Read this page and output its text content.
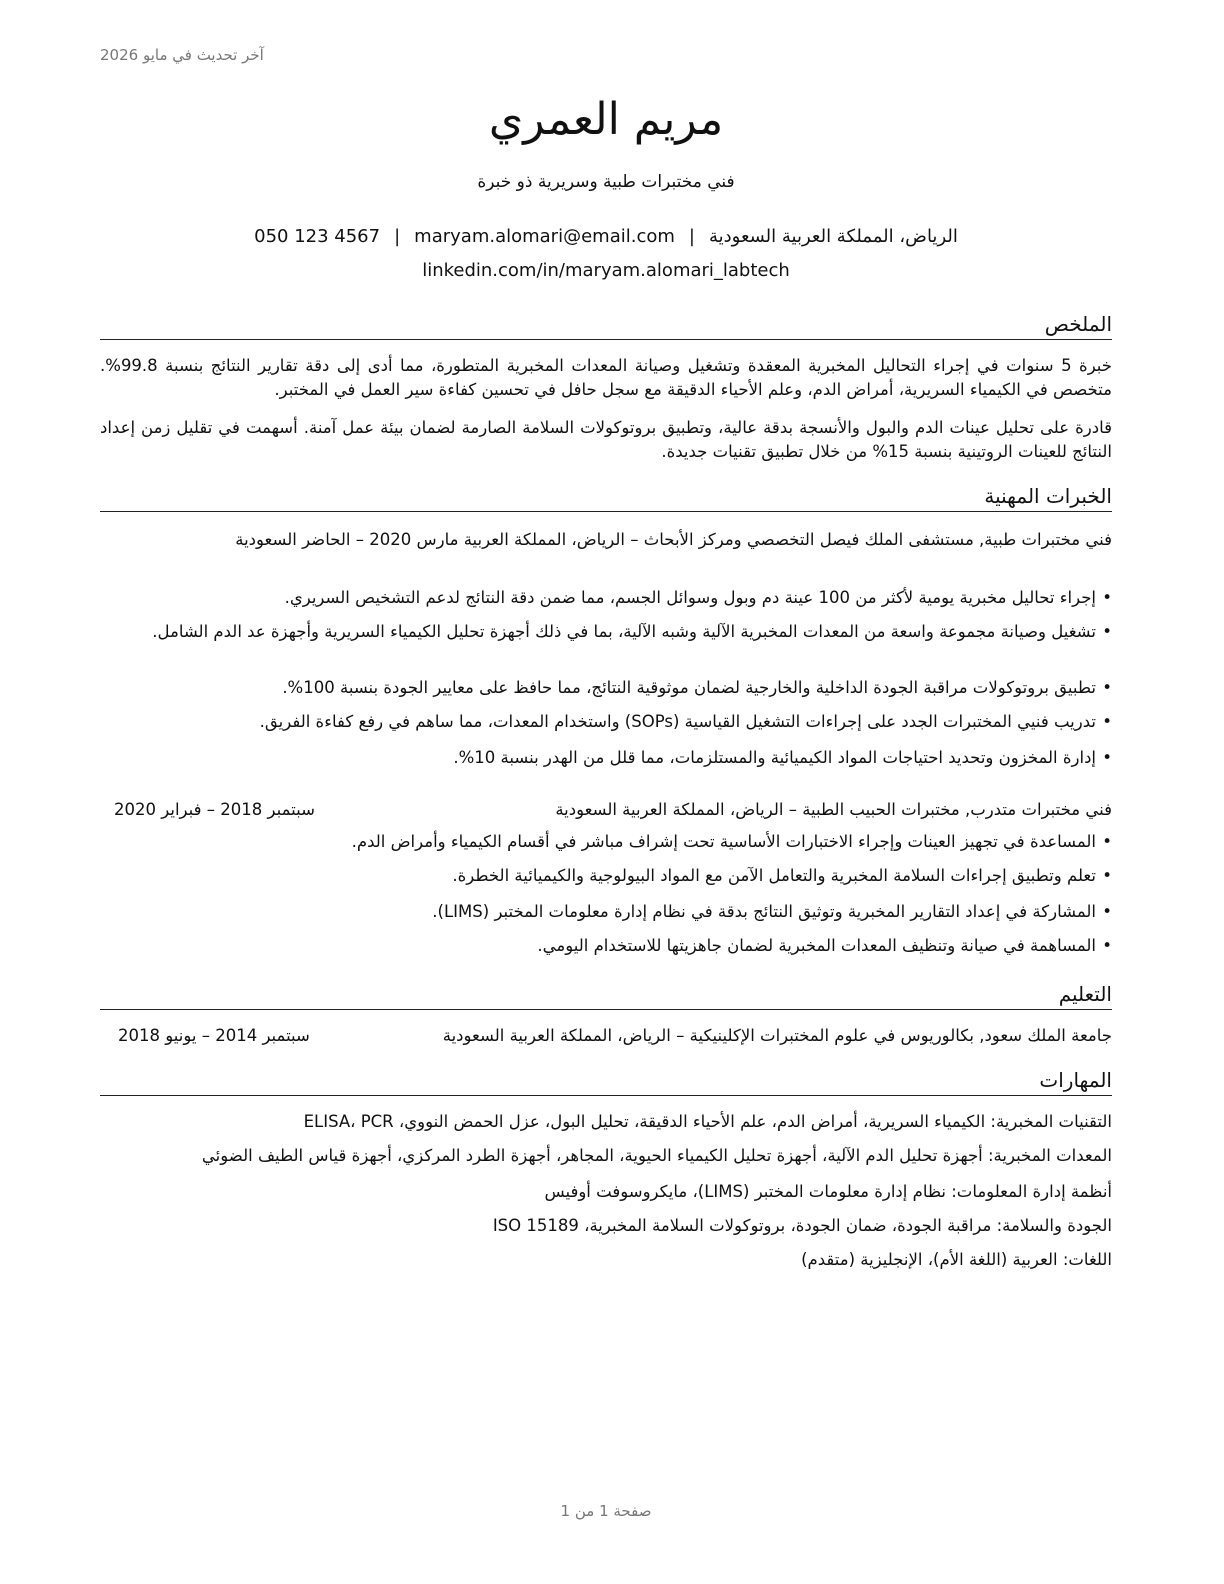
آخر تحديث في مايو 2026
مريم العمري
فني مختبرات طبية وسريرية ذو خبرة
الرياض، المملكة العربية السعودية|maryam.alomari@email.com|050 123 4567
linkedin.com/in/maryam.alomari_labtech
الملخص
خبرة 5 سنوات في إجراء التحاليل المخبرية المعقدة وتشغيل وصيانة المعدات المخبرية المتطورة، مما أدى إلى دقة تقارير النتائج بنسبة 99.8%. متخصص في الكيمياء السريرية، أمراض الدم، وعلم الأحياء الدقيقة مع سجل حافل في تحسين كفاءة سير العمل في المختبر.
قادرة على تحليل عينات الدم والبول والأنسجة بدقة عالية، وتطبيق بروتوكولات السلامة الصارمة لضمان بيئة عمل آمنة. أسهمت في تقليل زمن إعداد النتائج للعينات الروتينية بنسبة 15% من خلال تطبيق تقنيات جديدة.
الخبرات المهنية
فني مختبرات طبية, مستشفى الملك فيصل التخصصي ومركز الأبحاث – الرياض، المملكة العربية مارس 2020 – الحاضر السعودية
• إجراء تحاليل مخبرية يومية لأكثر من 100 عينة دم وبول وسوائل الجسم، مما ضمن دقة النتائج لدعم التشخيص السريري.
• تشغيل وصيانة مجموعة واسعة من المعدات المخبرية الآلية وشبه الآلية، بما في ذلك أجهزة تحليل الكيمياء السريرية وأجهزة عد الدم الشامل.
• تطبيق بروتوكولات مراقبة الجودة الداخلية والخارجية لضمان موثوقية النتائج، مما حافظ على معايير الجودة بنسبة 100%.
• تدريب فنيي المختبرات الجدد على إجراءات التشغيل القياسية (SOPs) واستخدام المعدات، مما ساهم في رفع كفاءة الفريق.
• إدارة المخزون وتحديد احتياجات المواد الكيميائية والمستلزمات، مما قلل من الهدر بنسبة 10%.
فني مختبرات متدرب, مختبرات الحبيب الطبية – الرياض، المملكة العربية السعودية
سبتمبر 2018 – فبراير 2020
• المساعدة في تجهيز العينات وإجراء الاختبارات الأساسية تحت إشراف مباشر في أقسام الكيمياء وأمراض الدم.
• تعلم وتطبيق إجراءات السلامة المخبرية والتعامل الآمن مع المواد البيولوجية والكيميائية الخطرة.
• المشاركة في إعداد التقارير المخبرية وتوثيق النتائج بدقة في نظام إدارة معلومات المختبر (LIMS).
• المساهمة في صيانة وتنظيف المعدات المخبرية لضمان جاهزيتها للاستخدام اليومي.
التعليم
جامعة الملك سعود, بكالوريوس في علوم المختبرات الإكلينيكية – الرياض، المملكة العربية السعودية
سبتمبر 2014 – يونيو 2018
المهارات
التقنيات المخبرية: الكيمياء السريرية، أمراض الدم، علم الأحياء الدقيقة، تحليل البول، عزل الحمض النووي، ELISA، PCR
المعدات المخبرية: أجهزة تحليل الدم الآلية، أجهزة تحليل الكيمياء الحيوية، المجاهر، أجهزة الطرد المركزي، أجهزة قياس الطيف الضوئي
أنظمة إدارة المعلومات: نظام إدارة معلومات المختبر (LIMS)، مايكروسوفت أوفيس
الجودة والسلامة: مراقبة الجودة، ضمان الجودة، بروتوكولات السلامة المخبرية، ISO 15189
اللغات: العربية (اللغة الأم)، الإنجليزية (متقدم)
صفحة 1 من 1
